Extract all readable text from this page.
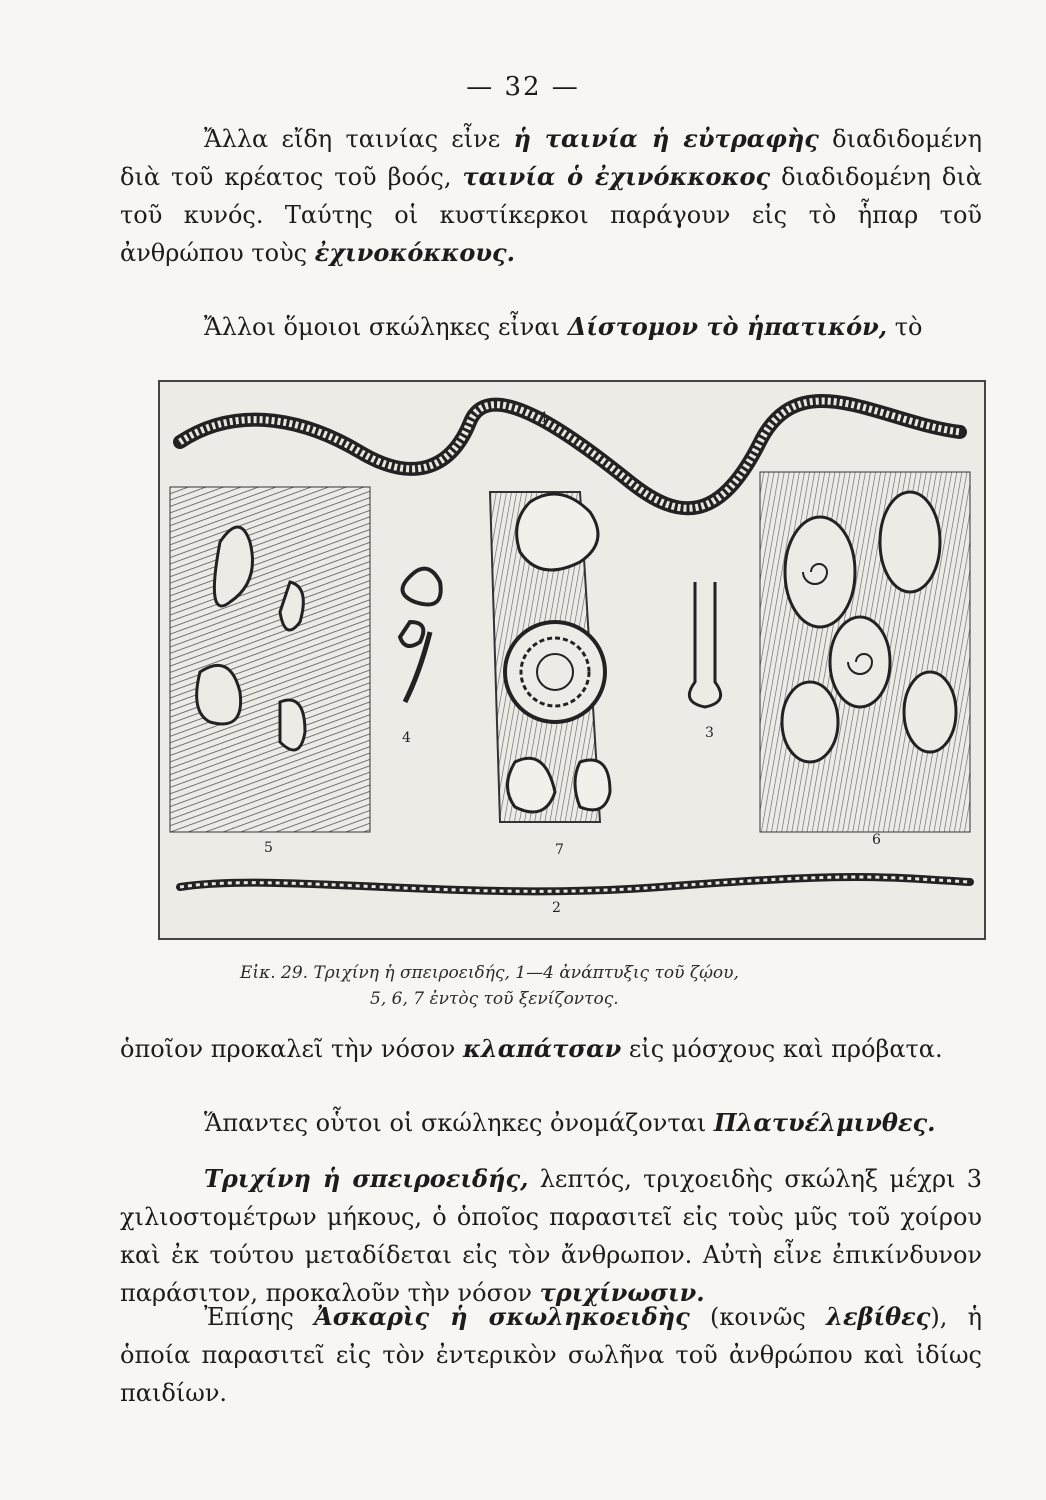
— 32 —

Ἄλλα εἴδη ταινίας εἶνε ἡ ταινία ἡ εὐτραφὴς διαδιδομένη διὰ τοῦ κρέατος τοῦ βοός, ταινία ὁ ἐχινόκκοκος διαδιδομένη διὰ τοῦ κυνός. Ταύτης οἱ κυστίκερκοι παράγουν εἰς τὸ ἧπαρ τοῦ ἀνθρώπου τοὺς ἐχινοκόκκους.

Ἄλλοι ὅμοιοι σκώληκες εἶναι Δίστομον τὸ ἡπατικόν, τὸ

1
2
3
4
5	6
7
Εἰκ. 29. Τριχίνη ἡ σπειροειδής, 1—4 ἀνάπτυξις τοῦ ζῴου,
5, 6, 7 ἐντὸς τοῦ ξενίζοντος.

ὁποῖον προκαλεῖ τὴν νόσον κλαπάτσαν εἰς μόσχους καὶ πρόβατα.

Ἅπαντες οὗτοι οἱ σκώληκες ὀνομάζονται Πλατυέλμινθες.

Τριχίνη ἡ σπειροειδής, λεπτός, τριχοειδὴς σκώληξ μέχρι 3 χιλιοστομέτρων μήκους, ὁ ὁποῖος παρασιτεῖ εἰς τοὺς μῦς τοῦ χοίρου καὶ ἐκ τούτου μεταδίδεται εἰς τὸν ἄνθρωπον. Αὐτὴ εἶνε ἐπικίνδυνον παράσιτον, προκαλοῦν τὴν νόσον τριχίνωσιν.

Ἐπίσης Ἀσκαρὶς ἡ σκωληκοειδὴς (κοινῶς λεβίθες), ἡ ὁποία παρασιτεῖ εἰς τὸν ἐντερικὸν σωλῆνα τοῦ ἀνθρώπου καὶ ἰδίως παιδίων.
